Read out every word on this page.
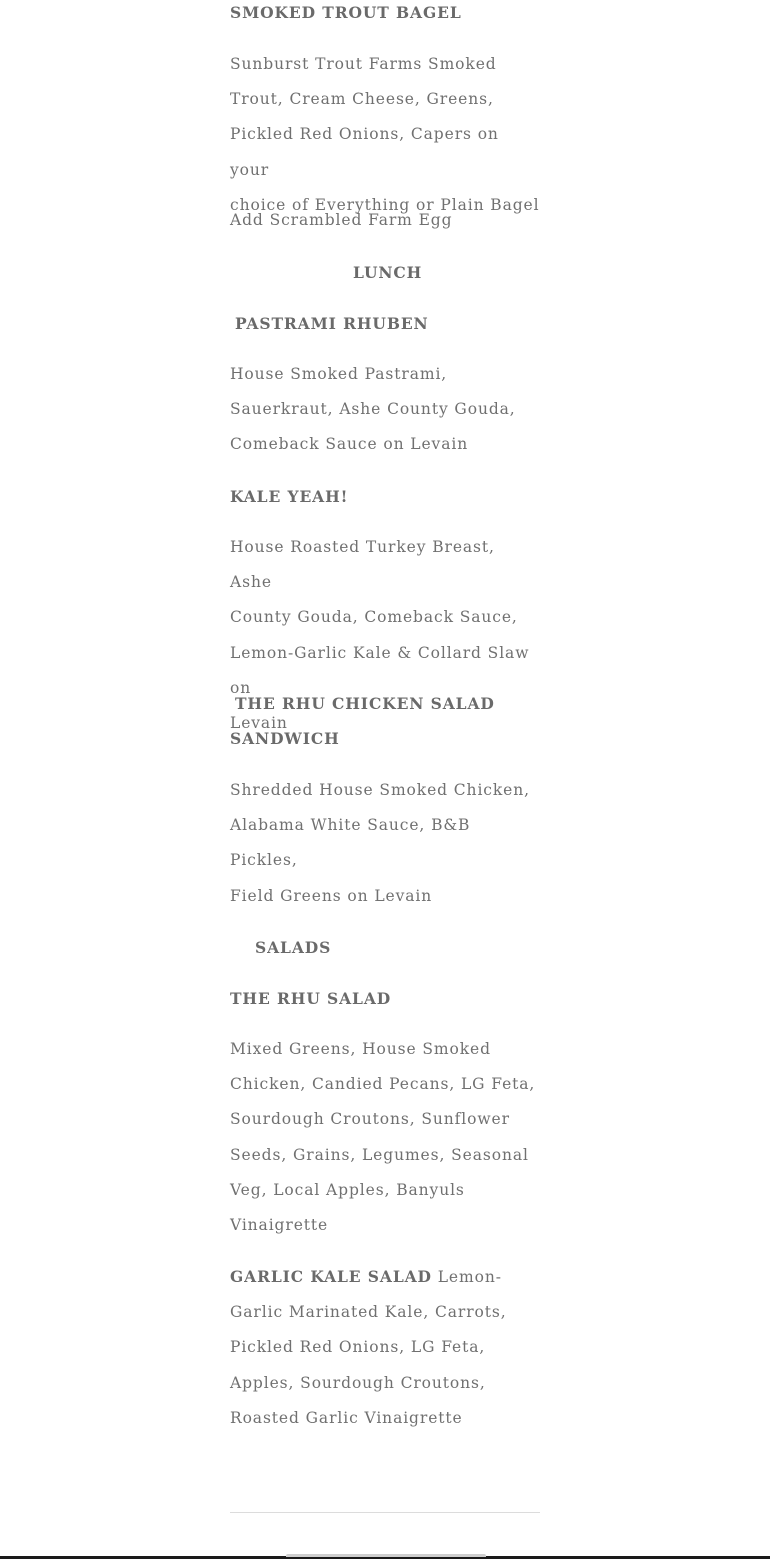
SMOKED TROUT BAGEL
Sunburst Trout Farms Smoked
Trout, Cream Cheese, Greens,
Pickled Red Onions, Capers on your
choice of Everything or Plain Bagel
Add Scrambled Farm Egg
LUNCH
PASTRAMI RHUBEN
House Smoked Pastrami,
Sauerkraut, Ashe County Gouda,
Comeback Sauce on Levain
KALE YEAH!
House Roasted Turkey Breast, Ashe
County Gouda, Comeback Sauce,
Lemon-Garlic Kale & Collard Slaw on
Levain
THE RHU CHICKEN SALAD
SANDWICH
Shredded House Smoked Chicken,
Alabama White Sauce, B&B Pickles,
Field Greens on Levain
SALADS
THE RHU SALAD
Mixed Greens, House Smoked
Chicken, Candied Pecans, LG Feta,
Sourdough Croutons, Sunflower
Seeds, Grains, Legumes, Seasonal
Veg, Local Apples, Banyuls
Vinaigrette
GARLIC KALE SALAD Lemon-
Garlic Marinated Kale, Carrots,
Pickled Red Onions, LG Feta,
Apples, Sourdough Croutons,
Roasted Garlic Vinaigrette
